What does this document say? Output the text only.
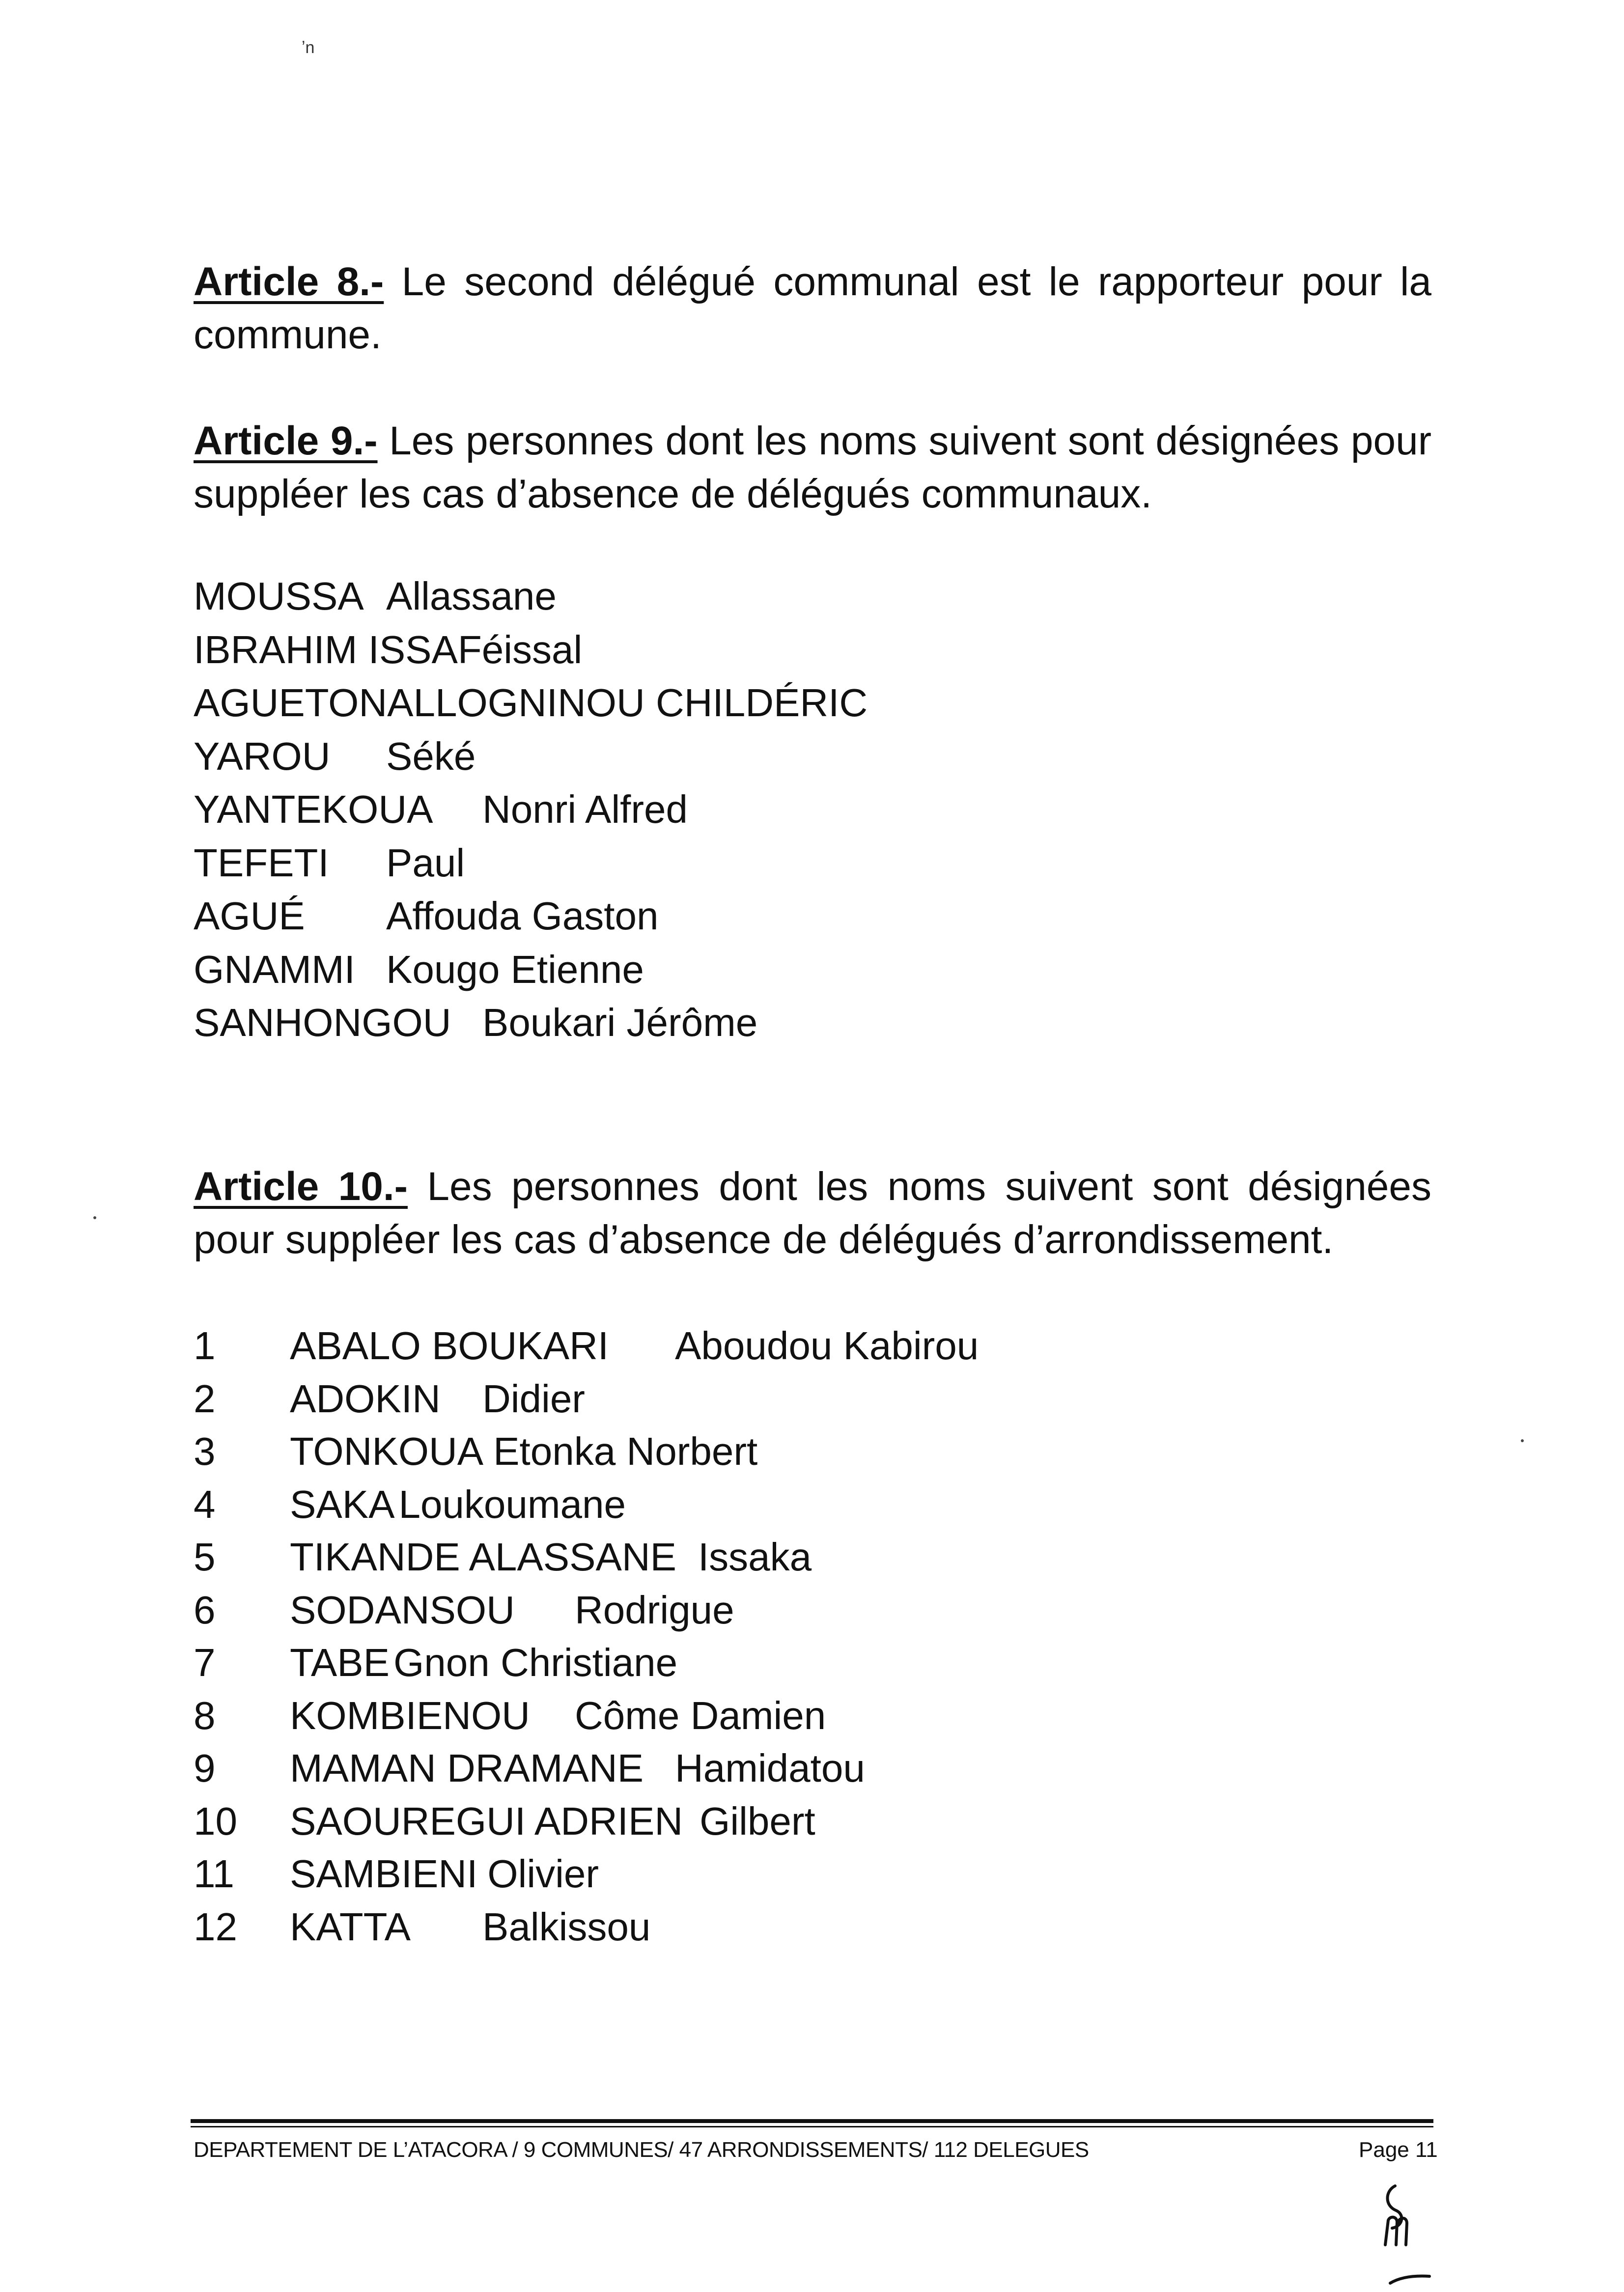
ʼn
Article 8.- Le second délégué communal est le rapporteur pour la commune.
Article 9.- Les personnes dont les noms suivent sont désignées pour suppléer les cas d’absence de délégués communaux.
MOUSSA Allassane
IBRAHIM ISSAFéissal
AGUETONALLOGNINOU CHILDÉRIC
YAROU Séké
YANTEKOUA Nonri Alfred
TEFETI Paul
AGUÉ Affouda Gaston
GNAMMI Kougo Etienne
SANHONGOU Boukari Jérôme
Article 10.- Les personnes dont les noms suivent sont désignées pour suppléer les cas d’absence de délégués d’arrondissement.
1 ABALO BOUKARI Aboudou Kabirou
2 ADOKIN Didier
3 TONKOUA Etonka Norbert
4 SAKA Loukoumane
5 TIKANDE ALASSANE Issaka
6 SODANSOU Rodrigue
7 TABE Gnon Christiane
8 KOMBIENOU Côme Damien
9 MAMAN DRAMANE Hamidatou
10 SAOUREGUI ADRIEN Gilbert
11 SAMBIENI Olivier
12 KATTA Balkissou
DEPARTEMENT DE L’ATACORA / 9 COMMUNES/ 47 ARRONDISSEMENTS/ 112 DELEGUES	Page 11
